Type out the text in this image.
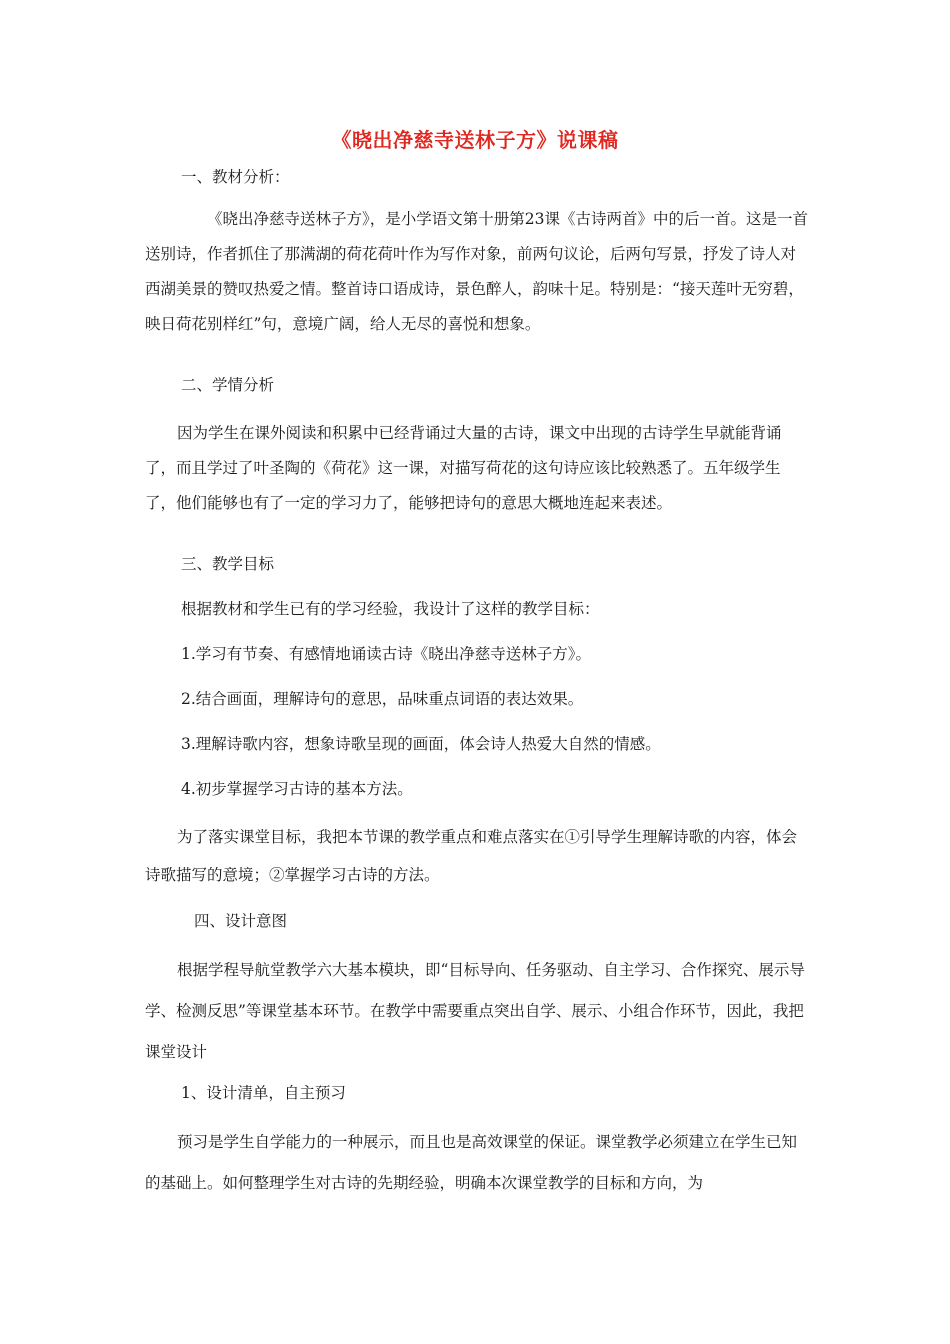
《晓出净慈寺送林子方》说课稿
一、教材分析：

《晓出净慈寺送林子方》，是小学语文第十册第23课《古诗两首》中的后一首。这是一首送别诗，作者抓住了那满湖的荷花荷叶作为写作对象，前两句议论，后两句写景，抒发了诗人对西湖美景的赞叹热爱之情。整首诗口语成诗，景色醉人，韵味十足。特别是：“接天莲叶无穷碧，映日荷花别样红”句，意境广阔，给人无尽的喜悦和想象。

二、学情分析

因为学生在课外阅读和积累中已经背诵过大量的古诗，课文中出现的古诗学生早就能背诵了，而且学过了叶圣陶的《荷花》这一课，对描写荷花的这句诗应该比较熟悉了。五年级学生了，他们能够也有了一定的学习力了，能够把诗句的意思大概地连起来表述。

三、教学目标
根据教材和学生已有的学习经验，我设计了这样的教学目标：
1.学习有节奏、有感情地诵读古诗《晓出净慈寺送林子方》。
2.结合画面，理解诗句的意思，品味重点词语的表达效果。
3.理解诗歌内容，想象诗歌呈现的画面，体会诗人热爱大自然的情感。
4.初步掌握学习古诗的基本方法。

为了落实课堂目标，我把本节课的教学重点和难点落实在①引导学生理解诗歌的内容，体会诗歌描写的意境；②掌握学习古诗的方法。

四、设计意图

根据学程导航堂教学六大基本模块，即“目标导向、任务驱动、自主学习、合作探究、展示导学、检测反思”等课堂基本环节。在教学中需要重点突出自学、展示、小组合作环节，因此，我把课堂设计

1、设计清单，自主预习

预习是学生自学能力的一种展示，而且也是高效课堂的保证。课堂教学必须建立在学生已知的基础上。如何整理学生对古诗的先期经验，明确本次课堂教学的目标和方向，为
